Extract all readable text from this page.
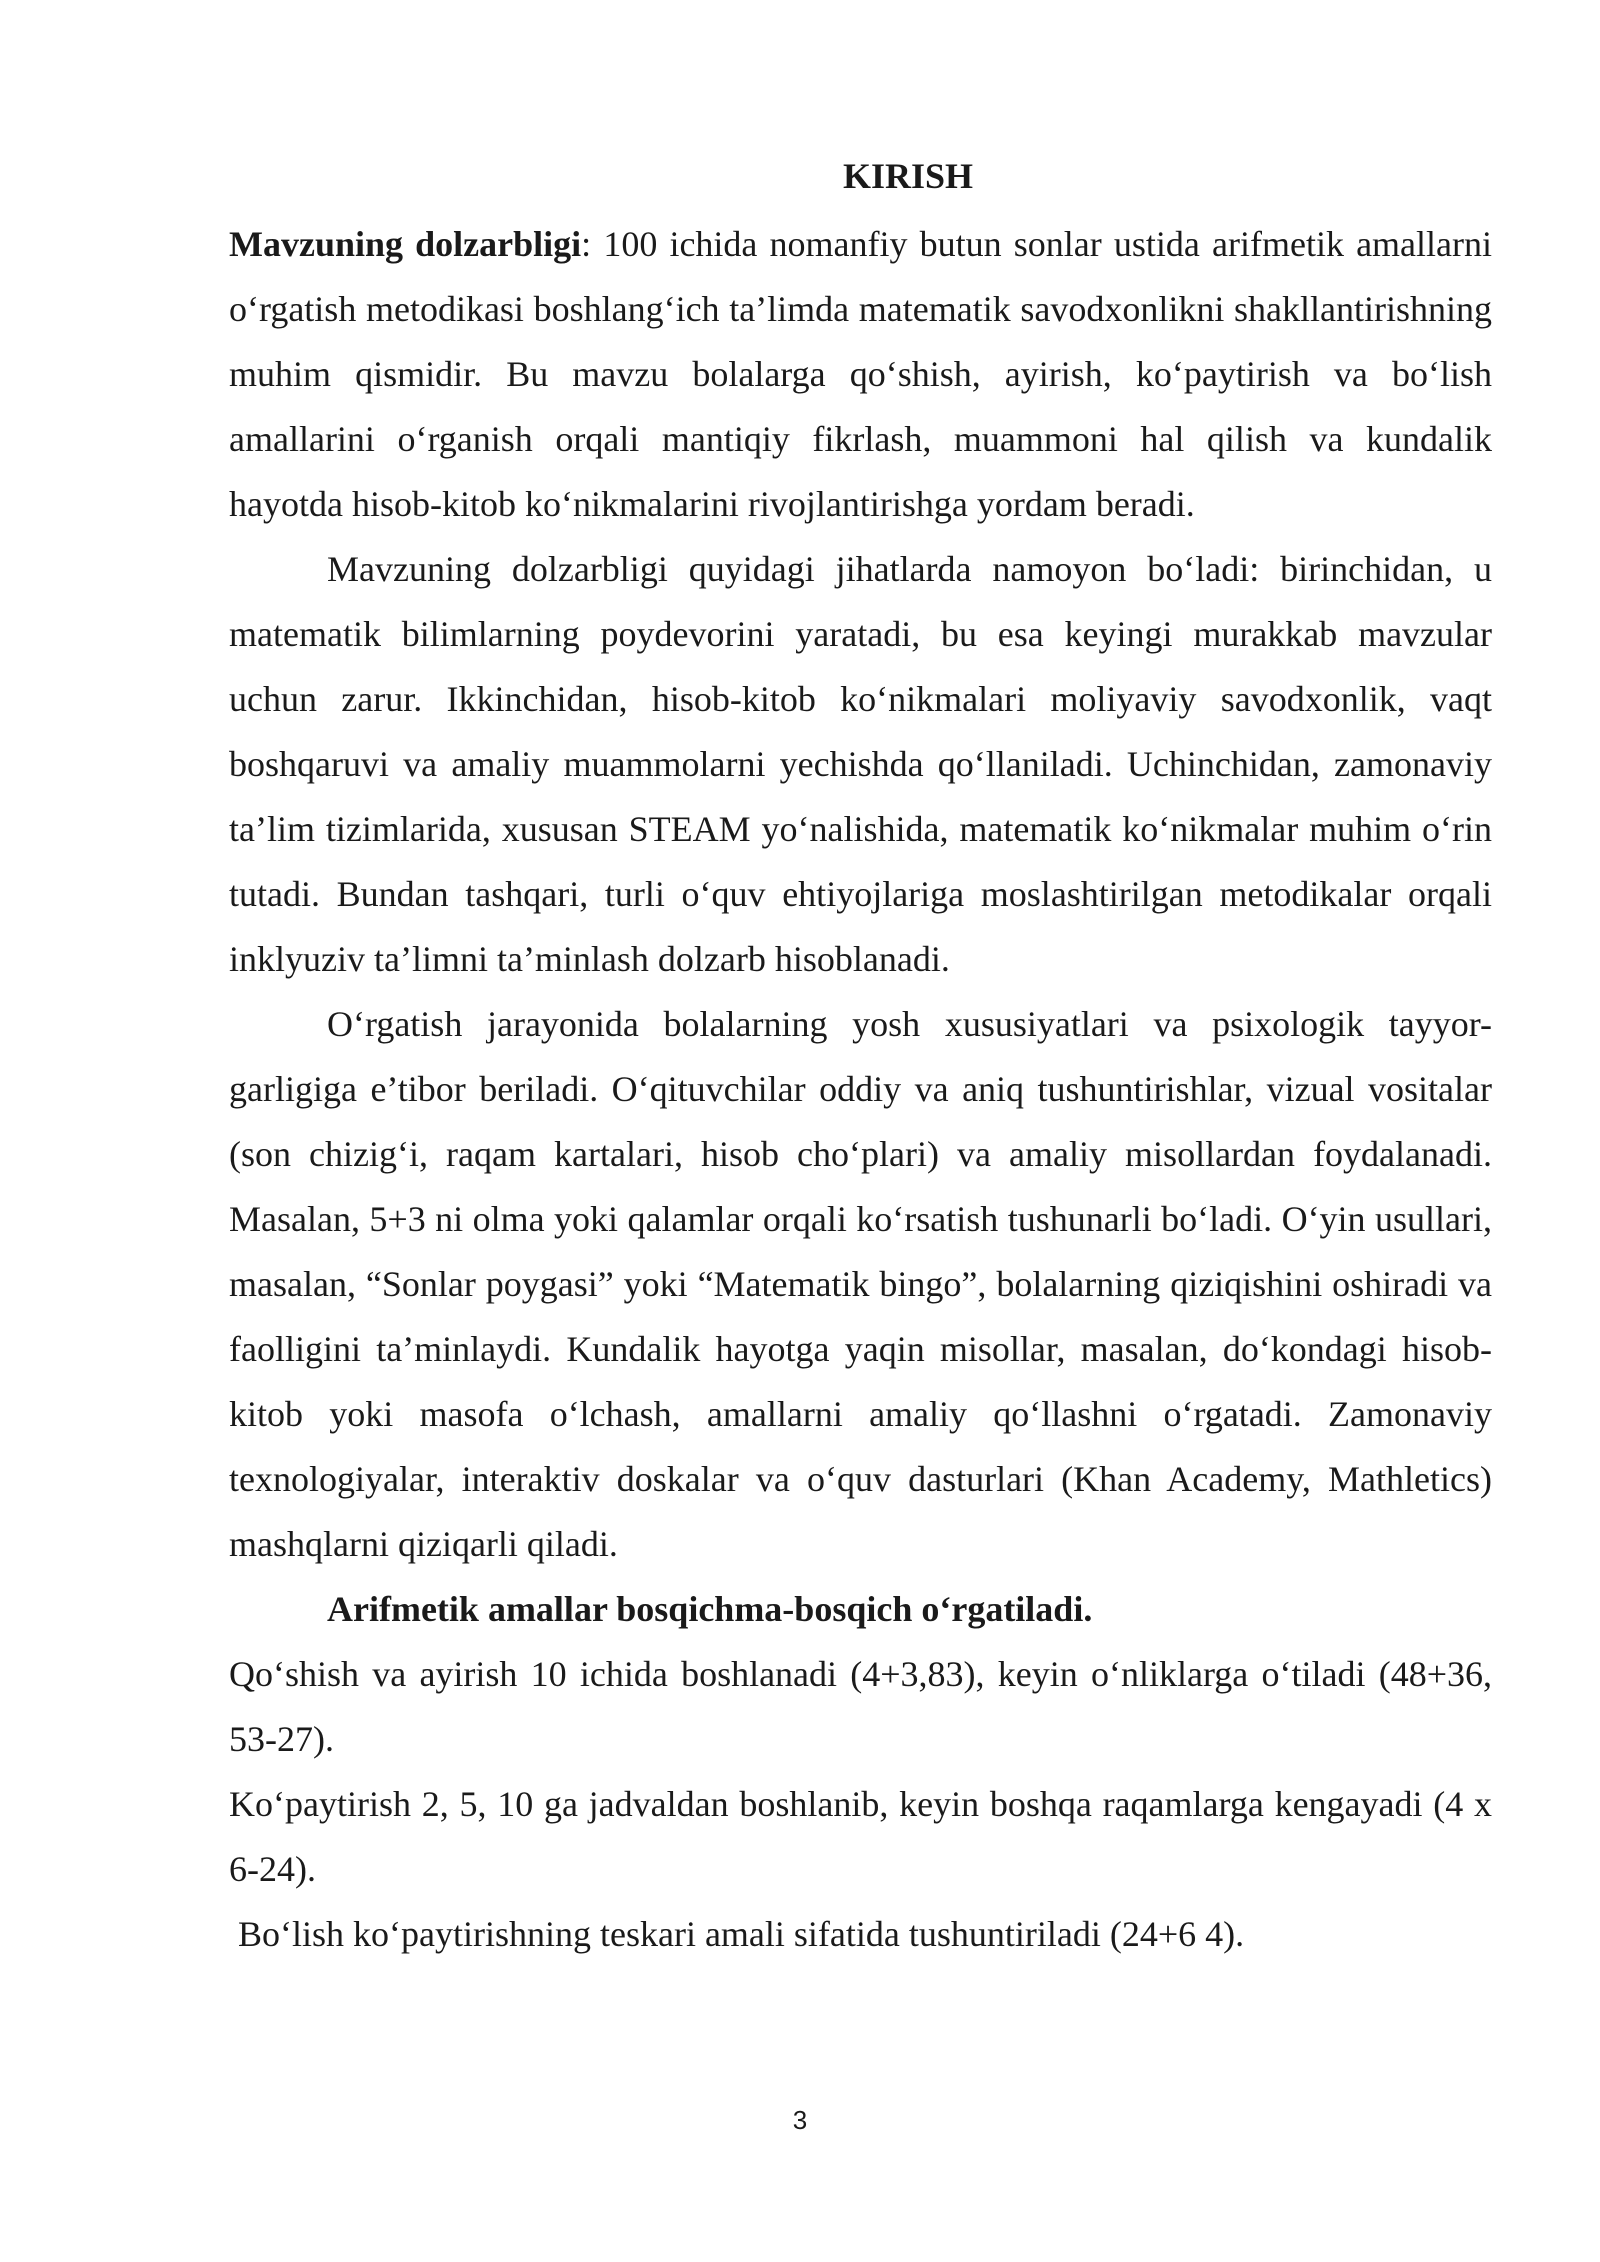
KIRISH

Mavzuning dolzarbligi: 100 ichida nomanfiy butun sonlar ustida arifmetik amallarni o‘rgatish metodikasi boshlang‘ich ta’limda matematik savodxonlikni shakllantirishning muhim qismidir. Bu mavzu bolalarga qo‘shish, ayirish, ko‘paytirish va bo‘lish amallarini o‘rganish orqali mantiqiy fikrlash, muammoni hal qilish va kundalik hayotda hisob-kitob ko‘nikmalarini rivojlantirishga yordam beradi.

Mavzuning dolzarbligi quyidagi jihatlarda namoyon bo‘ladi: birinchidan, u matematik bilimlarning poydevorini yaratadi, bu esa keyingi murakkab mavzular uchun zarur. Ikkinchidan, hisob-kitob ko‘nikmalari moliyaviy savodxonlik, vaqt boshqaruvi va amaliy muammolarni yechishda qo‘llaniladi. Uchinchidan, zamonaviy ta’lim tizimlarida, xususan STEAM yo‘nalishida, matematik ko‘nikmalar muhim o‘rin tutadi. Bundan tashqari, turli o‘quv ehtiyojlariga moslashtirilgan metodikalar orqali inklyuziv ta’limni ta’minlash dolzarb hisoblanadi.

O‘rgatish jarayonida bolalarning yosh xususiyatlari va psixologik tayyor-garligiga e’tibor beriladi. O‘qituvchilar oddiy va aniq tushuntirishlar, vizual vositalar (son chizig‘i, raqam kartalari, hisob cho‘plari) va amaliy misollardan foydalanadi. Masalan, 5+3 ni olma yoki qalamlar orqali ko‘rsatish tushunarli bo‘ladi. O‘yin usullari, masalan, “Sonlar poygasi” yoki “Matematik bingo”, bolalarning qiziqishini oshiradi va faolligini ta’minlaydi. Kundalik hayotga yaqin misollar, masalan, do‘kondagi hisob-kitob yoki masofa o‘lchash, amallarni amaliy qo‘llashni o‘rgatadi. Zamonaviy texnologiyalar, interaktiv doskalar va o‘quv dasturlari (Khan Academy, Mathletics) mashqlarni qiziqarli qiladi.

Arifmetik amallar bosqichma-bosqich o‘rgatiladi.

Qo‘shish va ayirish 10 ichida boshlanadi (4+3,83), keyin o‘nliklarga o‘tiladi (48+36, 53-27).

Ko‘paytirish 2, 5, 10 ga jadvaldan boshlanib, keyin boshqa raqamlarga kengayadi (4 x 6-24).

Bo‘lish ko‘paytirishning teskari amali sifatida tushuntiriladi (24+6 4).

3
